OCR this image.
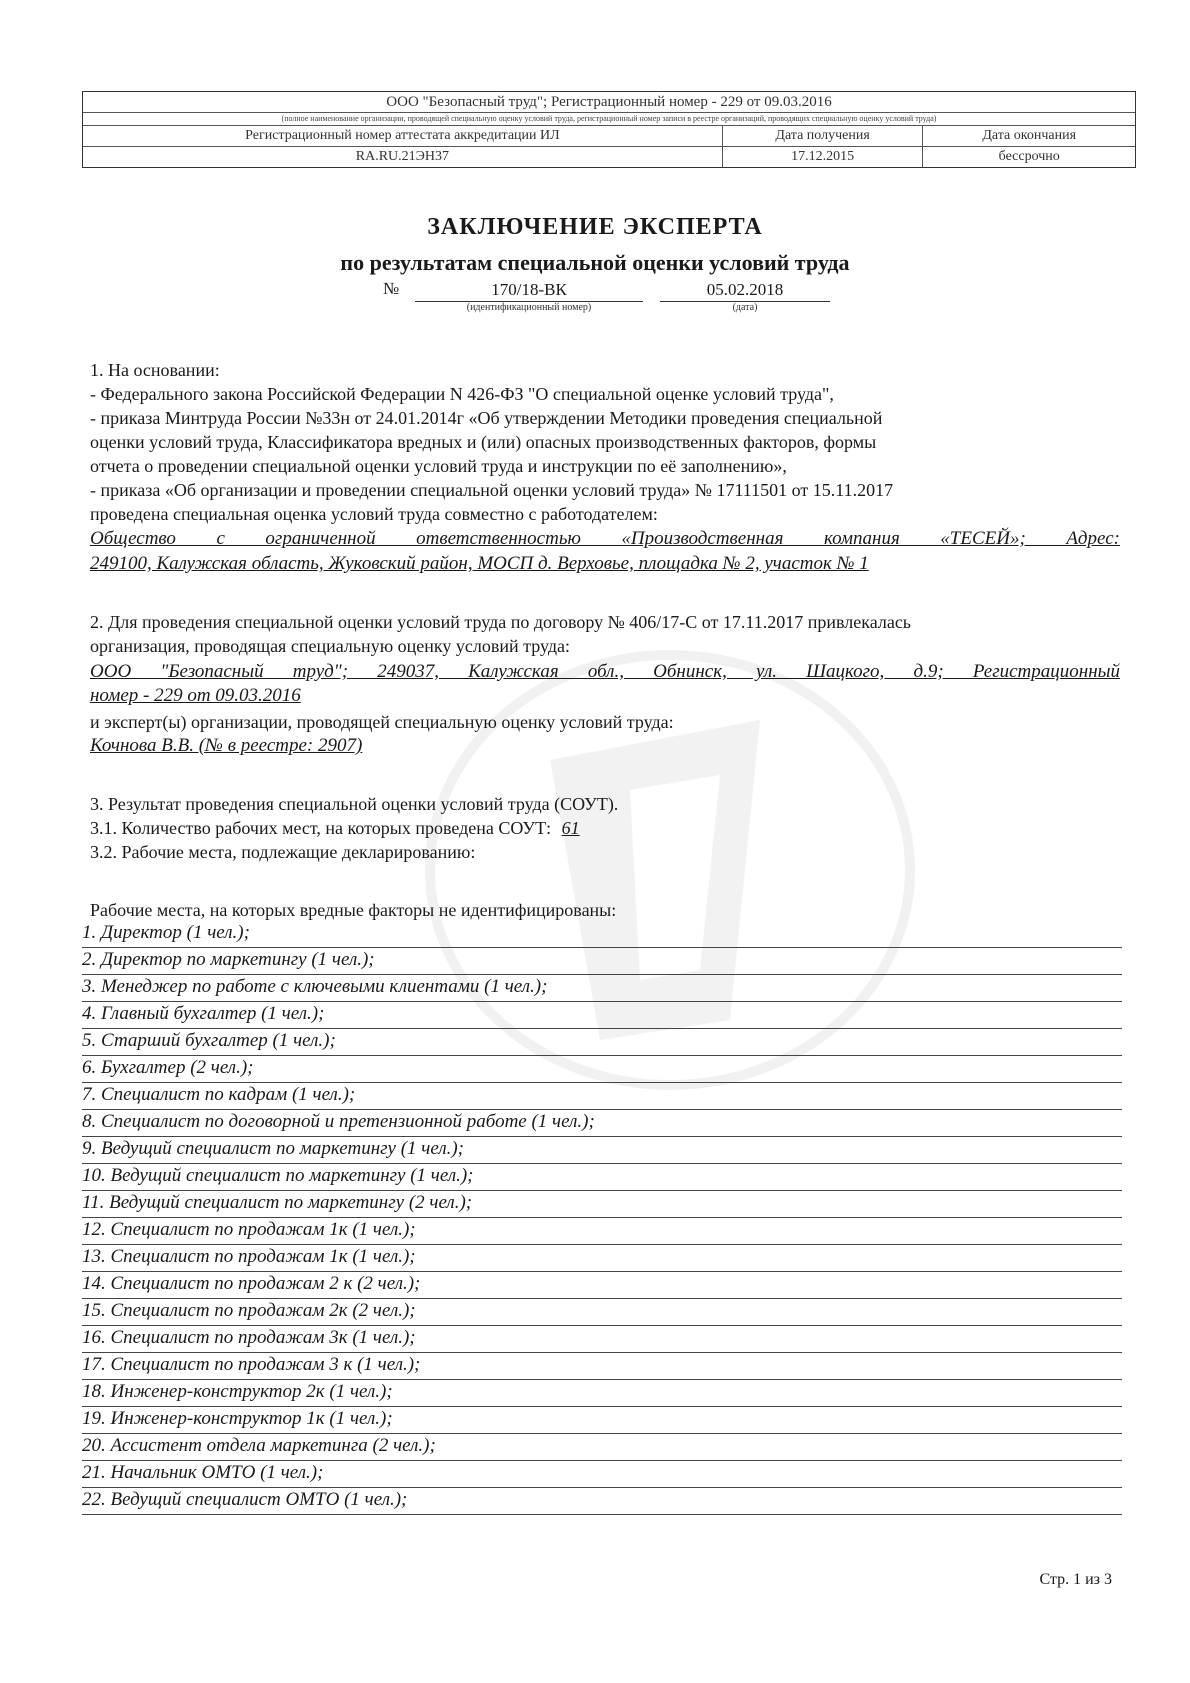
ООО "Безопасный труд"; Регистрационный номер - 229 от 09.03.2016
(полное наименование организации, проводящей специальную оценку условий труда, регистрационный номер записи в реестре организаций, проводящих специальную оценку условий труда)
Регистрационный номер аттестата аккредитации ИЛ	Дата получения	Дата окончания
RA.RU.21ЭН37	17.12.2015	бессрочно
ЗАКЛЮЧЕНИЕ ЭКСПЕРТА
по результатам специальной оценки условий труда
№	170/18-ВК	05.02.2018
(идентификационный номер)	(дата)
1. На основании:
- Федерального закона Российской Федерации N 426-ФЗ "О специальной оценке условий труда",
- приказа Минтруда России №33н от 24.01.2014г «Об утверждении Методики проведения специальной
оценки условий труда, Классификатора вредных и (или) опасных производственных факторов, формы
отчета о проведении специальной оценки условий труда и инструкции по её заполнению»,
- приказа «Об организации и проведении специальной оценки условий труда» № 17111501 от 15.11.2017
проведена специальная оценка условий труда совместно с работодателем:
Общество с ограниченной ответственностью «Производственная компания «ТЕСЕЙ»; Адрес:
249100, Калужская область, Жуковский район, МОСП д. Верховье, площадка № 2, участок № 1
2. Для проведения специальной оценки условий труда по договору № 406/17-С от 17.11.2017 привлекалась
организация, проводящая специальную оценку условий труда:
ООО "Безопасный труд"; 249037, Калужская обл., Обнинск, ул. Шацкого, д.9; Регистрационный
номер - 229 от 09.03.2016
и эксперт(ы) организации, проводящей специальную оценку условий труда:
Кочнова В.В. (№ в реестре: 2907)
3. Результат проведения специальной оценки условий труда (СОУТ).
3.1. Количество рабочих мест, на которых проведена СОУТ: 61
3.2. Рабочие места, подлежащие декларированию:
Рабочие места, на которых вредные факторы не идентифицированы:
1. Директор (1 чел.);
2. Директор по маркетингу (1 чел.);
3. Менеджер по работе с ключевыми клиентами (1 чел.);
4. Главный бухгалтер (1 чел.);
5. Старший бухгалтер (1 чел.);
6. Бухгалтер (2 чел.);
7. Специалист по кадрам (1 чел.);
8. Специалист по договорной и претензионной работе (1 чел.);
9. Ведущий специалист по маркетингу (1 чел.);
10. Ведущий специалист по маркетингу (1 чел.);
11. Ведущий специалист по маркетингу (2 чел.);
12. Специалист по продажам 1к (1 чел.);
13. Специалист по продажам 1к (1 чел.);
14. Специалист по продажам 2 к (2 чел.);
15. Специалист по продажам 2к (2 чел.);
16. Специалист по продажам 3к (1 чел.);
17. Специалист по продажам 3 к (1 чел.);
18. Инженер-конструктор 2к (1 чел.);
19. Инженер-конструктор 1к (1 чел.);
20. Ассистент отдела маркетинга (2 чел.);
21. Начальник ОМТО (1 чел.);
22. Ведущий специалист ОМТО (1 чел.);
Стр. 1 из 3
